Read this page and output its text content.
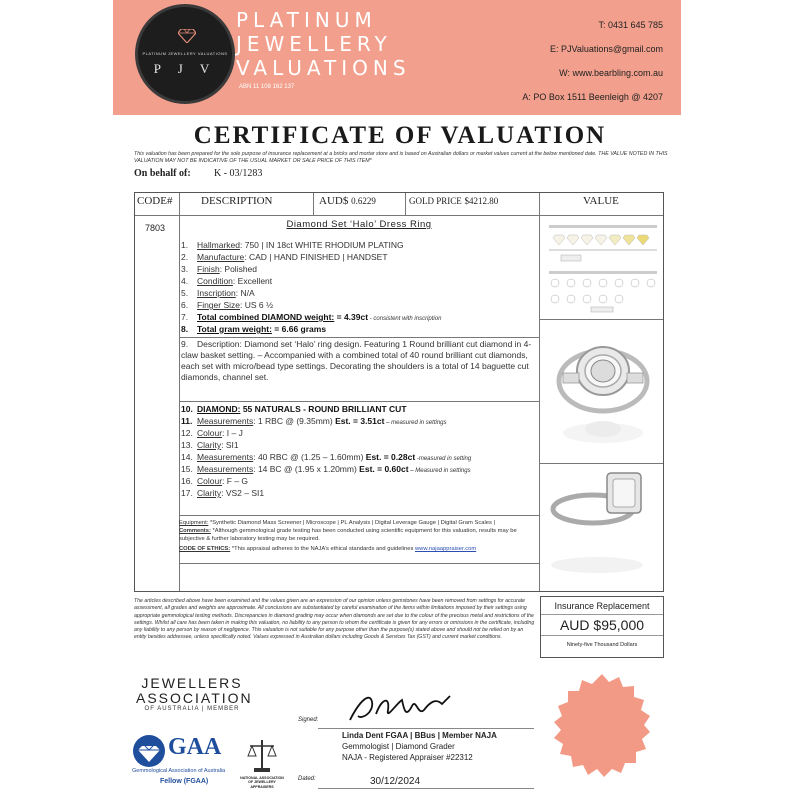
PLATINUM JEWELLERY VALUATIONS
P J V
PLATINUM
JEWELLERY
VALUATIONS
ABN 11 108 162 137
T: 0431 645 785
E: PJValuations@gmail.com
W: www.bearbling.com.au
A: PO Box 1511 Beenleigh @ 4207
CERTIFICATE OF VALUATION
This valuation has been prepared for the sole purpose of insurance replacement at a bricks and mortar store and is based on Australian dollars or market values current at the below mentioned date. THE VALUE NOTED IN THIS VALUATION MAY NOT BE INDICATIVE OF THE USUAL MARKET OR SALE PRICE OF THIS ITEM*
On behalf of: K - 03/1283
CODE#	DESCRIPTION	AUD$ 0.6229	GOLD PRICE $4212.80	VALUE
7803	Diamond Set ‘Halo’ Dress Ring
1. Hallmarked: 750 | IN 18ct WHITE RHODIUM PLATING
2. Manufacture: CAD | HAND FINISHED | HANDSET
3. Finish: Polished
4. Condition: Excellent
5. Inscription: N/A
6. Finger Size: US 6 ½
7. Total combined DIAMOND weight: = 4.39ct - consistent with inscription
8. Total gram weight: = 6.66 grams
9. Description: Diamond set ‘Halo’ ring design. Featuring 1 Round brilliant cut diamond in 4-claw basket setting. – Accompanied with a combined total of 40 round brilliant cut diamonds, each set with micro/bead type settings. Decorating the shoulders is a total of 14 baguette cut diamonds, channel set.
10. DIAMOND: 55 NATURALS - ROUND BRILLIANT CUT
11. Measurements: 1 RBC @ (9.35mm) Est. = 3.51ct – measured in settings
12. Colour: I – J
13. Clarity: SI1
14. Measurements: 40 RBC @ (1.25 – 1.60mm) Est. = 0.28ct -measured in setting
15. Measurements: 14 BC @ (1.95 x 1.20mm) Est. = 0.60ct – Measured in settings
16. Colour: F – G
17. Clarity: VS2 – SI1
Equipment: *Synthetic Diamond Mass Screener | Microscope | PL Analysis | Digital Leverage Gauge | Digital Gram Scales |
Comments: *Although gemmological grade testing has been conducted using scientific equipment for this valuation, results may be subjective & further laboratory testing may be required.
CODE OF ETHICS: *This appraisal adheres to the NAJA’s ethical standards and guidelines www.najaappraiser.com
The articles described above have been examined and the values given are an expression of our opinion unless gemstones have been removed from settings for accurate assessment, all grades and weights are approximate. All conclusions are substantiated by careful examination of the items within limitations imposed by their settings using appropriate gemmological testing methods. Discrepancies in diamond grading may occur when diamonds are set due to the colour of the precious metal and restrictions of the settings. Whilst all care has been taken in making this valuation, no liability to any person to whom the certificate is given for any errors or omissions in the certificate, including any liability to any person by reason of negligence. This valuation is not suitable for any purpose other than the purpose(s) stated above and should not be relied on by an entity besides addressee, unless specifically noted. Values expressed in Australian dollars including Goods & Services Tax (GST) and current market conditions.
Insurance Replacement
AUD $95,000
Ninety-five Thousand Dollars
JEWELLERS
ASSOCIATION
OF AUSTRALIA | MEMBER
GAA
Gemmological Association of Australia
Fellow (FGAA)	NATIONAL ASSOCIATION OF JEWELLERY APPRAISERS
Signed:
Linda Dent FGAA | BBus | Member NAJA
Gemmologist | Diamond Grader
NAJA - Registered Appraiser #22312
Dated:	30/12/2024
